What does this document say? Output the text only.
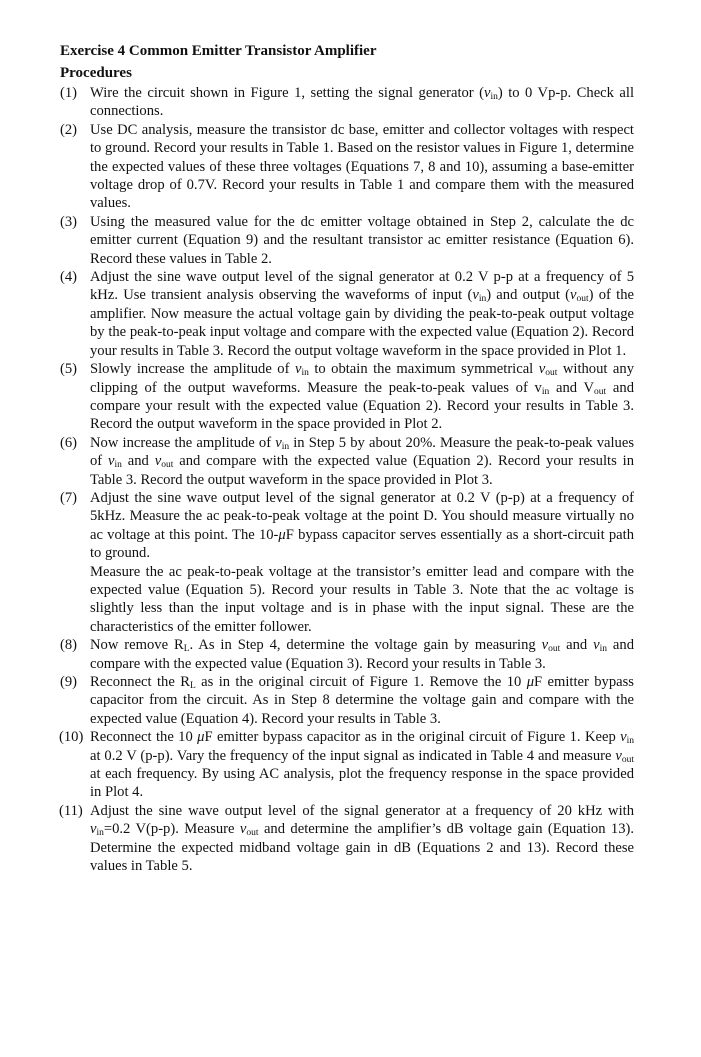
Exercise 4 Common Emitter Transistor Amplifier
Procedures
(1) Wire the circuit shown in Figure 1, setting the signal generator $(v_{in})$ to 0 Vp-p. Check all connections.
(2) Use DC analysis, measure the transistor dc base, emitter and collector voltages with respect to ground. Record your results in Table 1. Based on the resistor values in Figure 1, determine the expected values of these three voltages (Equations 7, 8 and 10), assuming a base-emitter voltage drop of 0.7V. Record your results in Table 1 and compare them with the measured values.
(3) Using the measured value for the dc emitter voltage obtained in Step 2, calculate the dc emitter current (Equation 9) and the resultant transistor ac emitter resistance (Equation 6). Record these values in Table 2.
(4) Adjust the sine wave output level of the signal generator at 0.2 V p-p at a frequency of 5 kHz. Use transient analysis observing the waveforms of input $(v_{in})$ and output $(v_{out})$ of the amplifier. Now measure the actual voltage gain by dividing the peak-to-peak output voltage by the peak-to-peak input voltage and compare with the expected value (Equation 2). Record your results in Table 3. Record the output voltage waveform in the space provided in Plot 1.
(5) Slowly increase the amplitude of $v_{in}$ to obtain the maximum symmetrical $v_{out}$ without any clipping of the output waveforms. Measure the peak-to-peak values of $v_{in}$ and $V_{out}$ and compare your result with the expected value (Equation 2). Record your results in Table 3. Record the output waveform in the space provided in Plot 2.
(6) Now increase the amplitude of $v_{in}$ in Step 5 by about 20%. Measure the peak-to-peak values of $v_{in}$ and $v_{out}$ and compare with the expected value (Equation 2). Record your results in Table 3. Record the output waveform in the space provided in Plot 3.
(7) Adjust the sine wave output level of the signal generator at 0.2 V (p-p) at a frequency of 5kHz. Measure the ac peak-to-peak voltage at the point D. You should measure virtually no ac voltage at this point. The 10-μF bypass capacitor serves essentially as a short-circuit path to ground.
Measure the ac peak-to-peak voltage at the transistor’s emitter lead and compare with the expected value (Equation 5). Record your results in Table 3. Note that the ac voltage is slightly less than the input voltage and is in phase with the input signal. These are the characteristics of the emitter follower.
(8) Now remove $R_L$. As in Step 4, determine the voltage gain by measuring $v_{out}$ and $v_{in}$ and compare with the expected value (Equation 3). Record your results in Table 3.
(9) Reconnect the $R_L$ as in the original circuit of Figure 1. Remove the 10 μF emitter bypass capacitor from the circuit. As in Step 8 determine the voltage gain and compare with the expected value (Equation 4). Record your results in Table 3.
(10) Reconnect the 10 μF emitter bypass capacitor as in the original circuit of Figure 1. Keep $v_{in}$ at 0.2 V (p-p). Vary the frequency of the input signal as indicated in Table 4 and measure $v_{out}$ at each frequency. By using AC analysis, plot the frequency response in the space provided in Plot 4.
(11) Adjust the sine wave output level of the signal generator at a frequency of 20 kHz with $v_{in}=0.2$ V(p-p). Measure $v_{out}$ and determine the amplifier’s dB voltage gain (Equation 13). Determine the expected midband voltage gain in dB (Equations 2 and 13). Record these values in Table 5.
